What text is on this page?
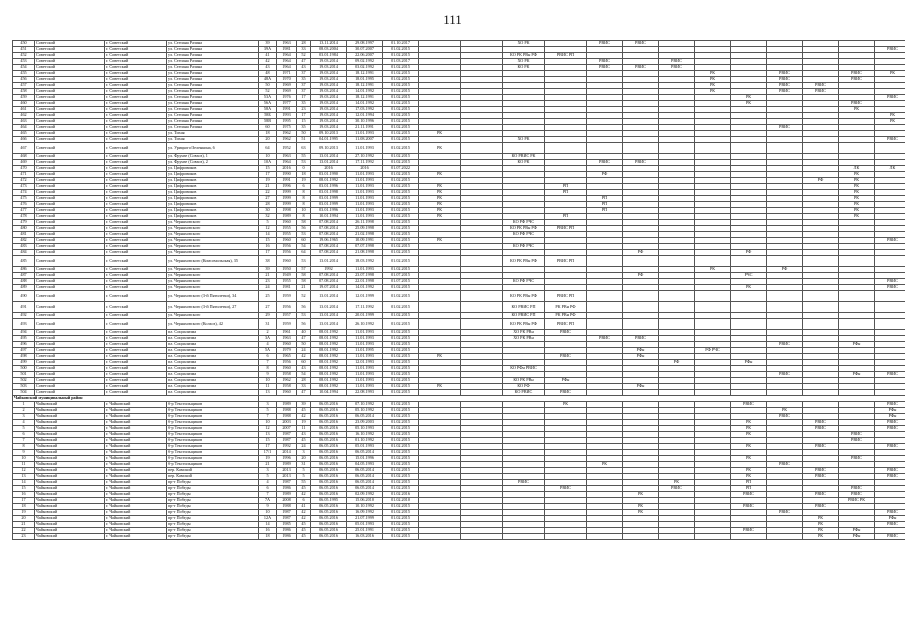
111
450	Советский	г. Советский	ул. Степана Разина	39	1963	28	13.11.2014	29.08.1997	01.10.2017			ХО РК		РВИС	РВИС							
451	Советский	г. Советский	ул. Степана Разина	39А	1981	33	08.03.2004	30.07.2007	01.02.2015													РВИС
452	Советский	г. Советский	ул. Степана Разина	41	1964	52	03.01.1984	22.06.2007	01.02.2015			КО РК РВн РФ	РВИС РП									
453	Советский	г. Советский	ул. Степана Разина	42	1964	47	19.03.2014	09.02.1992	01.03.2017			ХО РК		РВИС		РВИС						
454	Советский	г. Советский	ул. Степана Разина	43	1964	43	19.03.2014	03.02.1992	01.02.2015			КО РК		РВИС	РВИС	РВИС						
455	Советский	г. Советский	ул. Степана Разина	48	1971	37	19.03.2014	18.12.1991	01.02.2015								РК		РВИС		РВИС	РК
456	Советский	г. Советский	ул. Степана Разина	48А	1970	35	19.03.2014	18.01.1995	01.02.2015								РК		РВИС		РВИС	
457	Советский	г. Советский	ул. Степана Разина	50	1969	37	19.03.2014	18.12.1991	01.02.2015								РК		РВИС	РВИС		
458	Советский	г. Советский	ул. Степана Разина	52	1969	37	19.03.2014	14.01.1992	01.02.2015								РК		РВИС	РВИС		
459	Советский	г. Советский	ул. Степана Разина	53А	1976	17	19.03.2014	18.12.1991	01.02.2015									РК				РВИС
460	Советский	г. Советский	ул. Степана Разина	56А	1977	35	19.03.2014	14.01.1992	01.02.2015									РК			РВИС	
461	Советский	г. Советский	ул. Степана Разина	58А	1991	23	19.03.2014	17.03.1992	01.02.2015												РК	
462	Советский	г. Советский	ул. Степана Разина	58Б	1993	17	19.03.2014	12.01.1994	01.02.2015													РК
463	Советский	г. Советский	ул. Степана Разина	58В	1995	15	19.03.2014	30.10.1996	01.02.2015													РК
464	Советский	г. Советский	ул. Степана Разина	60	1975	35	19.03.2014	21.11.1991	01.02.2015										РВИС			
465	Советский	г. Советский	ул. Тихая	18	1962	50	09.10.2013	11.01.1993	01.02.2015	РК												
466	Советский	г. Советский	ул. Тихая	20	1962	51	04.01.1995	11.08.2007	01.02.2015			ХО РК										РВИС
467	Советский	г. Советский	ул. Урицкого/Зеленкина, 6	64	1952	63	09.10.2013	11.01.1993	01.02.2015	РК												
468	Советский	г. Советский	ул. Фрунзе (Совхоз), 1	10	1963	55	13.01.2014	27.10.1992	01.02.2015			КО РВИС РК										
469	Советский	г. Советский	ул. Фрунзе (Совхоз), 2	10А	1964	53	13.01.2014	17.11.1992	01.02.2015			КО РК		РВИС	РВИС							
470	Советский	г. Советский	ул. Цифровиков	15	2016	0	2016	2016	01.07.2022												ЛК	ЛК
471	Советский	г. Советский	ул. Цифровиков	17	1990	18	03.01.1990	11.01.1993	01.02.2015	РК				РФ							РК	
472	Советский	г. Советский	ул. Цифровиков	19	1991	19	08.01.1992	11.01.1993	01.02.2015											РФ	РК	
473	Советский	г. Советский	ул. Цифровиков	21	1996	6	03.01.1996	11.01.1993	01.02.2015	РК			РП								РК	
474	Советский	г. Советский	ул. Цифровиков	22	1999	8	03.01.1998	11.01.1993	01.02.2015	РК			РП								РК	
475	Советский	г. Советский	ул. Цифровиков	27	1999	8	03.01.1999	11.01.1993	01.02.2015	РК				РП							РК	
476	Советский	г. Советский	ул. Цифровиков	28	1999	8	03.01.1999	11.01.1993	01.02.2015	РК				РП							РК	
477	Советский	г. Советский	ул. Цифровиков	30	1998	10	03.01.1996	11.01.1993	01.02.2015	РК				РП							РК	
478	Советский	г. Советский	ул. Цифровиков	32	1989	8	10.01.1994	11.01.1993	01.02.2015	РК			РП								РК	
479	Советский	г. Советский	ул. Черняховского	5	1960	58	07.08.2014	26.11.1998	01.02.2015			КО РФ РЧС										
480	Советский	г. Советский	ул. Черняховского	12	1955	56	07.08.2014	25.09.1998	01.02.2015			КО РК РВн РФ	РВИС РП									
481	Советский	г. Советский	ул. Черняховского	14	1955	53	07.08.2014	21.02.1998	01.02.2015			КО РФ РЧС										
482	Советский	г. Советский	ул. Черняховского	15	1960	60	19.06.1965	10.09.1991	01.02.2015	РК												РВИС
483	Советский	г. Советский	ул. Черняховского	16	1956	54	07.08.2014	07.07.1998	01.02.2015			КО РФ РЧС										
484	Советский	г. Советский	ул. Черняховского	17	1956	64	07.08.2014	21.08.1998	01.02.2015						РФ			РФ				
485	Советский	г. Советский	ул. Черняховского (Комсомольская), 35	38	1960	53	13.01.2014	18.03.1992	01.02.2015			КО РК РВн РФ	РВИС РП									
486	Советский	г. Советский	ул. Черняховского	39	1950	57	1992	11.01.1993	01.02.2015								РК		РФ			
487	Советский	г. Советский	ул. Черняховского	21	1949	58	07.08.2014	23.07.1998	01.07.2015						РФ			РЧС				
488	Советский	г. Советский	ул. Черняховского	23	1955	58	07.08.2014	22.01.1998	01.07.2015			КО РФ РЧС										РВИС
489	Советский	г. Советский	ул. Черняховского	24	1981	21	19.07.2014	14.01.1992	01.02.2015									РК				РВИС
490	Советский	г. Советский	ул. Черняховского (3-й Пятилетки), 34	25	1959	52	13.01.2014	12.01.1999	01.02.2015			КО РК РВн РФ	РВИС РП									
491	Советский	г. Советский	ул. Черняховского (3-й Пятилетки), 27	27	1956	56	13.01.2014	17.11.1992	01.02.2015			КО РВИС РП	РК РВн РФ									
492	Советский	г. Советский	ул. Черняховского	29	1957	53	13.01.2014	20.01.1999	01.02.2015			КО РВИС РП	РК РВн РФ									
493	Советский	г. Советский	ул. Черняховского (Колхоз), 42	31	1959	56	13.01.2014	26.10.1992	01.02.2015			КО РК РВн РФ	РВИС РП									
494	Советский	г. Советский	пл. Социализма	2	1961	40	08.01.1992	11.01.1993	01.02.2015			ХО РК РВн	РВИС									
495	Советский	г. Советский	пл. Социализма	3А	1963	47	08.01.1992	11.01.1993	01.02.2015			ХО РК РВн		РВИС	РВИС							
496	Советский	г. Советский	пл. Социализма	4	1960	50	08.01.1992	11.01.1993	01.02.2015										РВИС		РФн	
497	Советский	г. Советский	пл. Социализма	5А	1979	24	08.01.1992	11.01.1995	01.02.2015						РФн		РФ РЧС					
498	Советский	г. Советский	пл. Социализма	6	1965	42	08.01.1992	11.01.1993	01.02.2015	РК			РВИС		РФн							
499	Советский	г. Советский	пл. Социализма	7	1956	60	08.01.1992	12.01.1993	01.02.2015							РФ		РФн				
500	Советский	г. Советский	пл. Социализма	8	1960	43	08.01.1992	11.01.1993	01.02.2015			КО РФн РВИС										
501	Советский	г. Советский	пл. Социализма	9	1958	54	08.01.1992	11.01.1993	01.02.2015										РВИС		РФн	РВИС
502	Советский	г. Советский	пл. Социализма	10	1962	28	08.01.1992	11.01.1993	01.02.2015			КО РК РВн	РФн									
503	Советский	г. Советский	пл. Социализма	11	1958	33	08.01.1992	11.01.1993	01.02.2015	РК		КО РФ			РФн							
504	Советский	г. Советский	пл. Социализма	13	1960	47	10.04.1994	22.08.1993	01.02.2015			КО РВИС	РВИС									
Чайковский муниципальный район																						
1	Чайковский	г. Чайковский	б-р Текстильщиков	3	1989	39	06.05.2016	07.10.1992	01.02.2015				РК					РВИС				РВИС
2	Чайковский	г. Чайковский	б-р Текстильщиков	5	1988	45	06.05.2016	05.10.1992	01.02.2015										РК			РФн
3	Чайковский	г. Чайковский	б-р Текстильщиков	7	1988	42	06.05.2016	06.05.2014	01.02.2015										РВИС			РФн
4	Чайковский	г. Чайковский	б-р Текстильщиков	10	2003	19	06.05.2016	23.09.2003	01.02.2015									РК		РВИС		РВИС
5	Чайковский	г. Чайковский	б-р Текстильщиков	12	2007	11	06.05.2016	05.10.1993	01.02.2015									РК		РВИС		РВИС
6	Чайковский	г. Чайковский	б-р Текстильщиков	13	1987	43	06.05.2016	16.10.1992	01.02.2015									РК			РВИС	
7	Чайковский	г. Чайковский	б-р Текстильщиков	15	1987	45	06.05.2016	01.10.1992	01.02.2015												РВИС	
8	Чайковский	г. Чайковский	б-р Текстильщиков	17	1992	24	06.05.2016	05.01.1993	01.02.2015									РК		РВИС		РВИС
9	Чайковский	г. Чайковский	б-р Текстильщиков	17/1	2014	3	06.05.2016	06.05.2014	01.02.2015													
10	Чайковский	г. Чайковский	б-р Текстильщиков	19	1996	20	06.05.2016	15.01.1996	01.02.2015									РК			РВИС	
11	Чайковский	г. Чайковский	б-р Текстильщиков	21	1989	31	06.05.2016	04.05.1993	01.02.2015					РК					РВИС			
12	Чайковский	г. Чайковский	пер. Камский	3	2013	5	06.05.2016	06.05.2014	01.02.2015									РК		РВИС		РВИС
13	Чайковский	г. Чайковский	пер. Камский	5	2013	5	06.05.2016	06.05.2014	01.02.2015									РК		РВИС		РВИС
14	Чайковский	г. Чайковский	пр-т Победы	4	1987	55	06.05.2016	06.05.2014	01.02.2015			РВИС				РК		РП				
15	Чайковский	г. Чайковский	пр-т Победы	6	1986	45	06.05.2016	06.05.2014	01.02.2015				РВИС			РВИС		РП			РВИС	
16	Чайковский	г. Чайковский	пр-т Победы	7	1989	42	06.05.2016	02.09.1992	01.02.2016						РК			РВИС		РВИС	РВИС	
17	Чайковский	г. Чайковский	пр-т Победы	7А	2008	6	06.05.1995	15.06.2010	01.02.2010												РВИС РК	
18	Чайковский	г. Чайковский	пр-т Победы	9	1988	41	06.05.2016	10.10.1992	01.02.2015						РК			РВИС		РВИС		
19	Чайковский	г. Чайковский	пр-т Победы	10	1987	42	06.05.2016	16.09.1992	01.02.2015						РК				РВИС			РВИС
20	Чайковский	г. Чайковский	пр-т Победы	12А	1987	42	06.05.2016	21.07.1999	01.02.2015											РК		РФн
21	Чайковский	г. Чайковский	пр-т Победы	14	1985	45	06.05.2016	05.01.1993	01.02.2015											РК		РВИС
22	Чайковский	г. Чайковский	пр-т Победы	16	1986	45	06.05.2016	25.01.1991	01.02.2015									РВИС		РК	РФн	
23	Чайковский	г. Чайковский	пр-т Победы	18	1986	45	06.05.2016	16.03.2016	01.02.2015											РК	РФн	РВИС
